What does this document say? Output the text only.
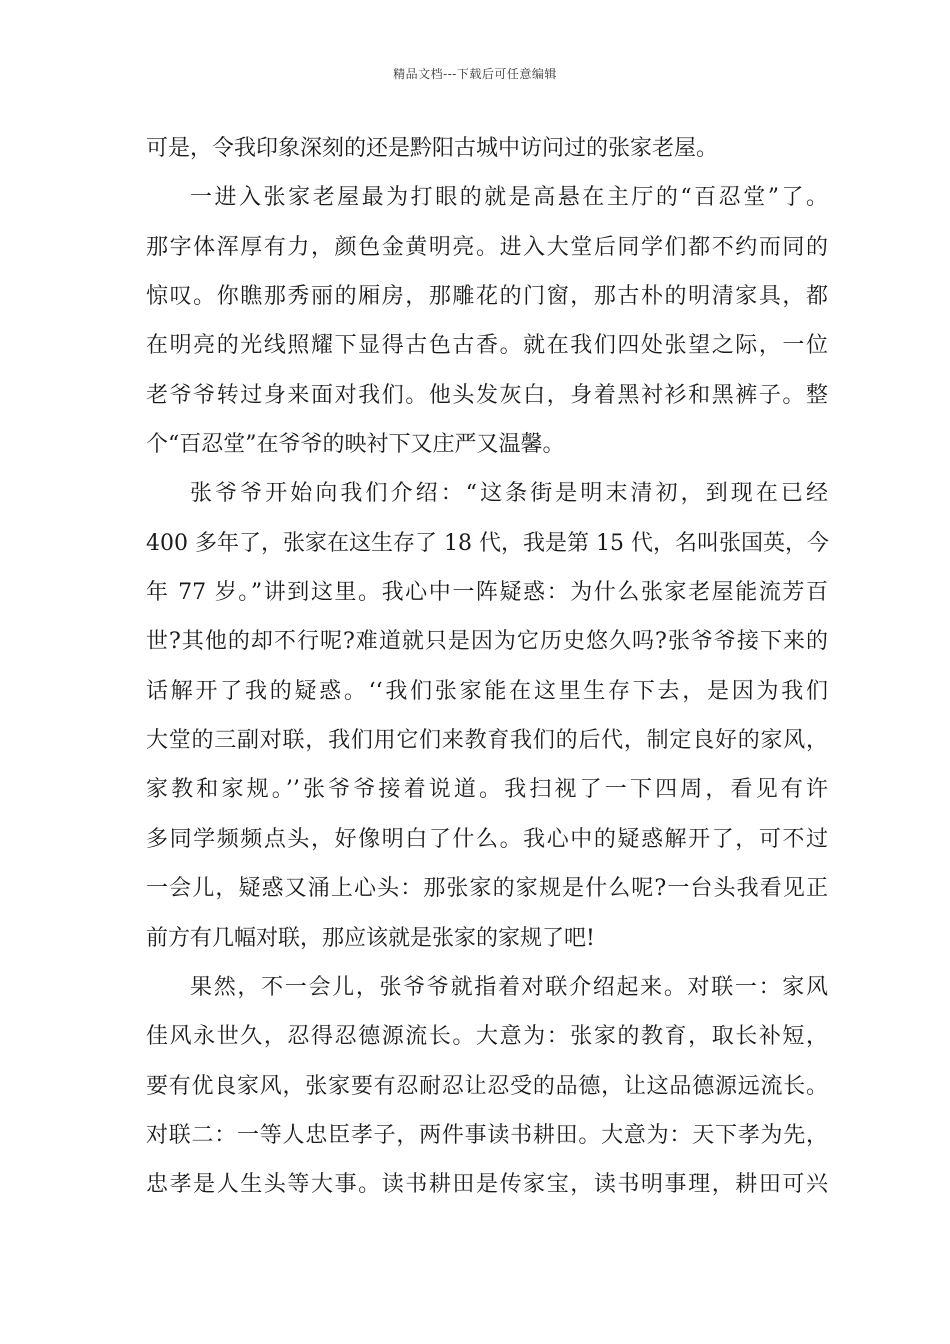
精品文档---下载后可任意编辑
可是，令我印象深刻的还是黔阳古城中访问过的张家老屋。
一进入张家老屋最为打眼的就是高悬在主厅的“百忍堂”了。
那字体浑厚有力，颜色金黄明亮。进入大堂后同学们都不约而同的
惊叹。你瞧那秀丽的厢房，那雕花的门窗，那古朴的明清家具，都
在明亮的光线照耀下显得古色古香。就在我们四处张望之际，一位
老爷爷转过身来面对我们。他头发灰白，身着黑衬衫和黑裤子。整
个“百忍堂”在爷爷的映衬下又庄严又温馨。
张爷爷开始向我们介绍：“这条街是明末清初，到现在已经
400 多年了，张家在这生存了 18 代，我是第 15 代，名叫张国英，今
年 77 岁。”讲到这里。我心中一阵疑惑：为什么张家老屋能流芳百
世?其他的却不行呢?难道就只是因为它历史悠久吗?张爷爷接下来的
话解开了我的疑惑。‘‘我们张家能在这里生存下去，是因为我们
大堂的三副对联，我们用它们来教育我们的后代，制定良好的家风，
家教和家规。’’张爷爷接着说道。我扫视了一下四周，看见有许
多同学频频点头，好像明白了什么。我心中的疑惑解开了，可不过
一会儿，疑惑又涌上心头：那张家的家规是什么呢?一台头我看见正
前方有几幅对联，那应该就是张家的家规了吧!
果然，不一会儿，张爷爷就指着对联介绍起来。对联一：家风
佳风永世久，忍得忍德源流长。大意为：张家的教育，取长补短，
要有优良家风，张家要有忍耐忍让忍受的品德，让这品德源远流长。
对联二：一等人忠臣孝子，两件事读书耕田。大意为：天下孝为先，
忠孝是人生头等大事。读书耕田是传家宝，读书明事理，耕田可兴
